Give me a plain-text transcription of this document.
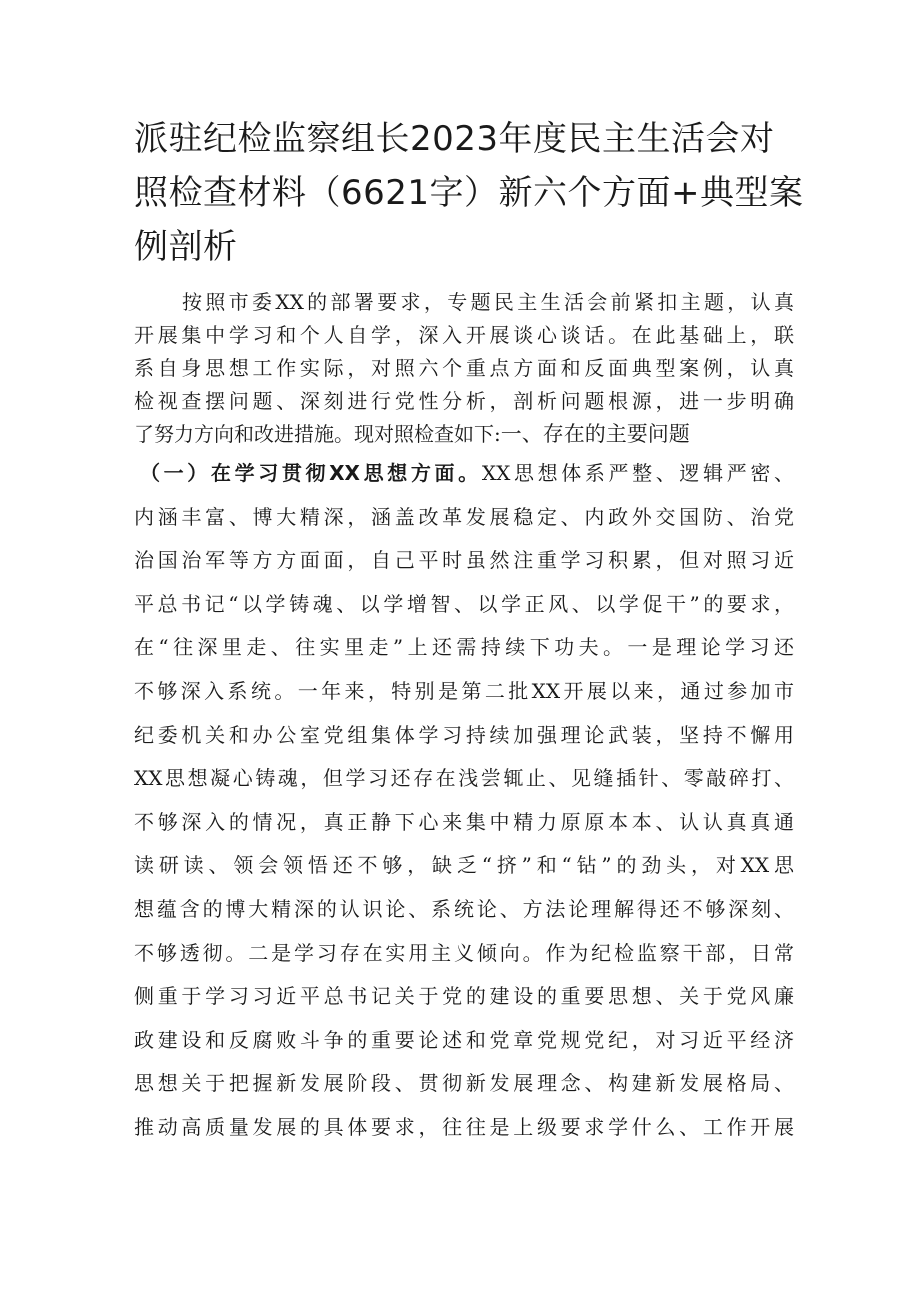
派驻纪检监察组长2023年度民主生活会对
照检查材料（6621字）新六个方面+典型案
例剖析
按照市委XX的部署要求，专题民主生活会前紧扣主题，认真
开展集中学习和个人自学，深入开展谈心谈话。在此基础上，联
系自身思想工作实际，对照六个重点方面和反面典型案例，认真
检视查摆问题、深刻进行党性分析，剖析问题根源，进一步明确
了努力方向和改进措施。现对照检查如下:一、存在的主要问题
（一）在学习贯彻XX思想方面。XX思想体系严整、逻辑严密、
内涵丰富、博大精深，涵盖改革发展稳定、内政外交国防、治党
治国治军等方方面面，自己平时虽然注重学习积累，但对照习近
平总书记“以学铸魂、以学增智、以学正风、以学促干”的要求，
在“往深里走、往实里走”上还需持续下功夫。一是理论学习还
不够深入系统。一年来，特别是第二批XX开展以来，通过参加市
纪委机关和办公室党组集体学习持续加强理论武装，坚持不懈用
XX思想凝心铸魂，但学习还存在浅尝辄止、见缝插针、零敲碎打、
不够深入的情况，真正静下心来集中精力原原本本、认认真真通
读研读、领会领悟还不够，缺乏“挤”和“钻”的劲头，对XX思
想蕴含的博大精深的认识论、系统论、方法论理解得还不够深刻、
不够透彻。二是学习存在实用主义倾向。作为纪检监察干部，日常
侧重于学习习近平总书记关于党的建设的重要思想、关于党风廉
政建设和反腐败斗争的重要论述和党章党规党纪，对习近平经济
思想关于把握新发展阶段、贯彻新发展理念、构建新发展格局、
推动高质量发展的具体要求，往往是上级要求学什么、工作开展
